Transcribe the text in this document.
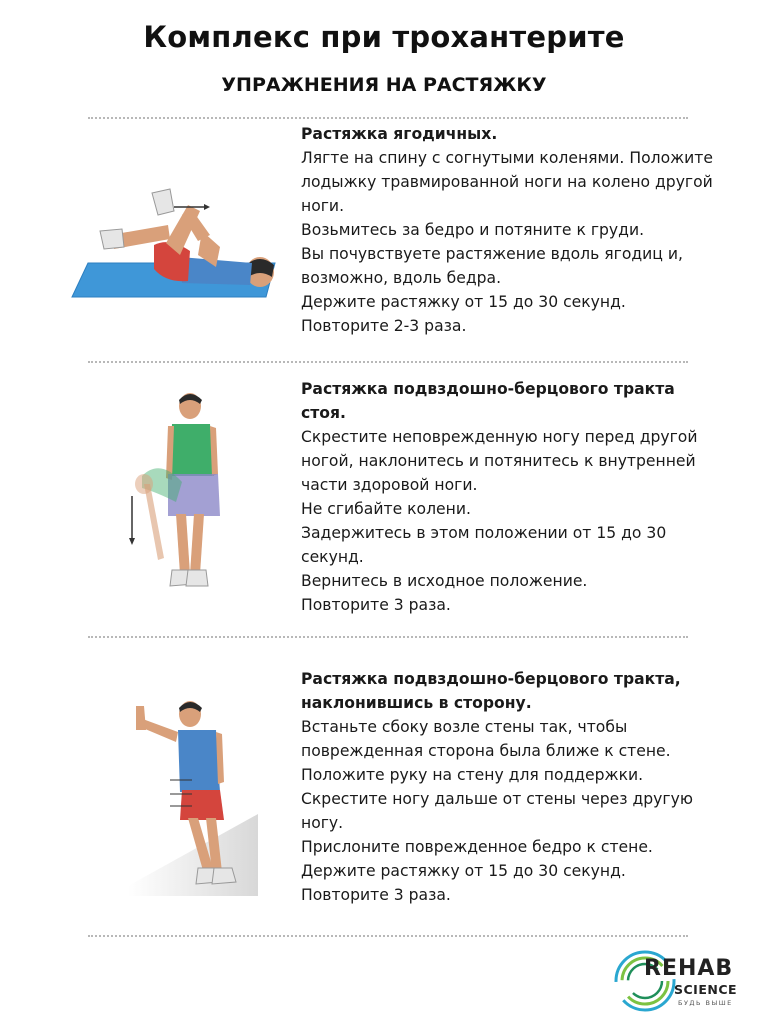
Комплекс при трохантерите
УПРАЖНЕНИЯ НА РАСТЯЖКУ
Растяжка ягодичных.
Лягте на спину с согнутыми коленями. Положите
лодыжку травмированной ноги на колено другой
ноги.
Возьмитесь за бедро и потяните к груди.
Вы почувствуете растяжение вдоль ягодиц и,
возможно, вдоль бедра.
Держите растяжку от 15 до 30 секунд.
Повторите 2-3 раза.
Растяжка подвздошно-берцового тракта
стоя.
Скрестите неповрежденную ногу перед другой
ногой, наклонитесь и потянитесь к внутренней
части здоровой ноги.
Не сгибайте колени.
Задержитесь в этом положении от 15 до 30
секунд.
Вернитесь в исходное положение.
Повторите 3 раза.
Растяжка подвздошно-берцового тракта,
наклонившись в сторону.
Встаньте сбоку возле стены так, чтобы
поврежденная сторона была ближе к стене.
Положите руку на стену для поддержки.
Скрестите ногу дальше от стены через другую
ногу.
Прислоните поврежденное бедро к стене.
Держите растяжку от 15 до 30 секунд.
Повторите 3 раза.
REHAB
SCIENCE
БУДЬ ВЫШЕ
